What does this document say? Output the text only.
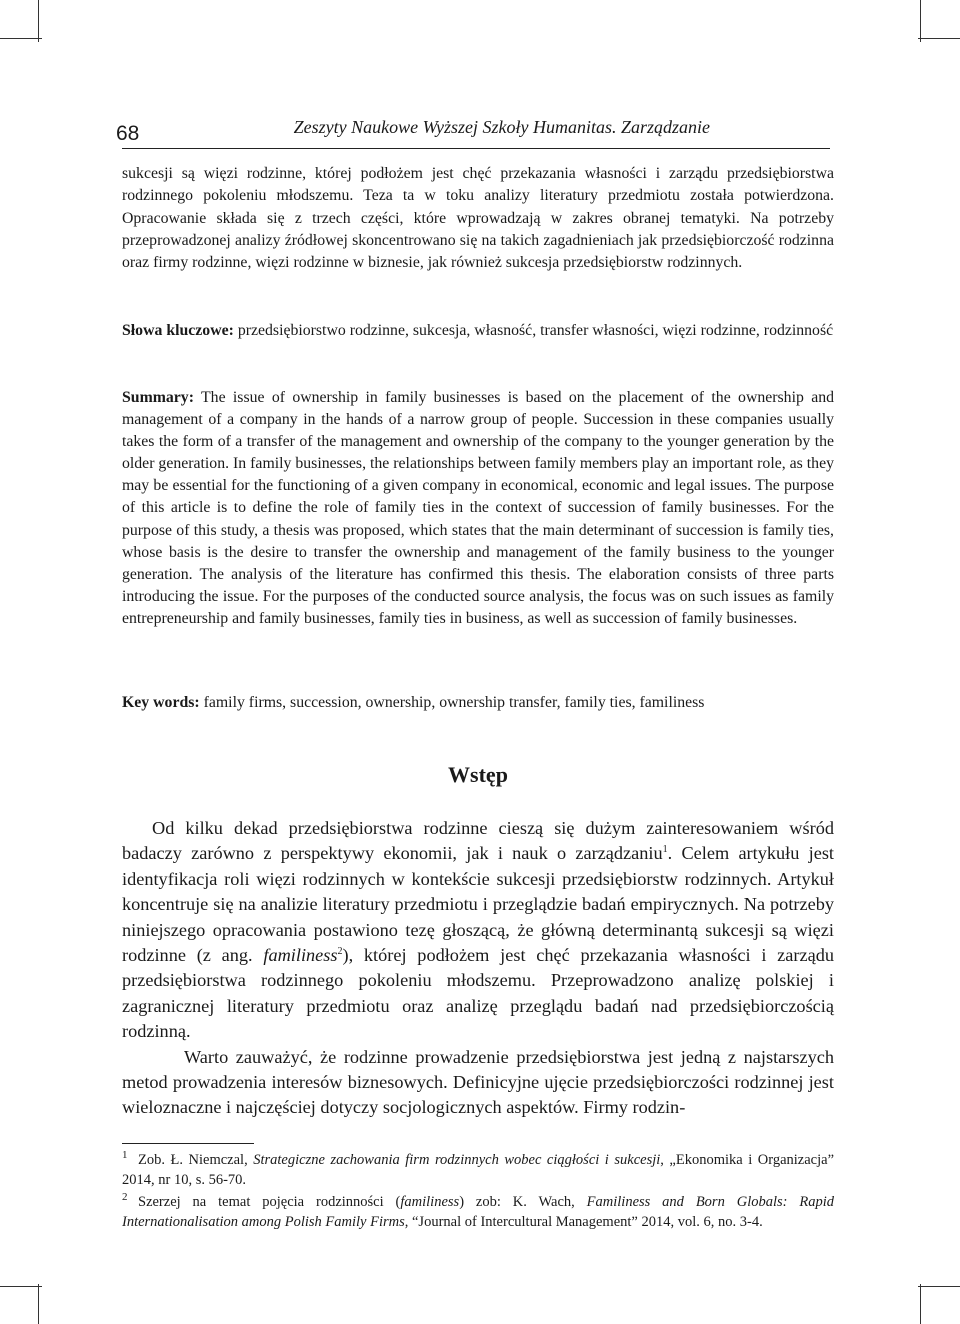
68	Zeszyty Naukowe Wyższej Szkoły Humanitas. Zarządzanie
sukcesji są więzi rodzinne, której podłożem jest chęć przekazania własności i zarządu przedsiębiorstwa rodzinnego pokoleniu młodszemu. Teza ta w toku analizy literatury przedmiotu została potwierdzona. Opracowanie składa się z trzech części, które wprowadzają w zakres obranej tematyki. Na potrzeby przeprowadzonej analizy źródłowej skoncentrowano się na takich zagadnieniach jak przedsiębiorczość rodzinna oraz firmy rodzinne, więzi rodzinne w biznesie, jak również sukcesja przedsiębiorstw rodzinnych.
Słowa kluczowe: przedsiębiorstwo rodzinne, sukcesja, własność, transfer własności, więzi rodzinne, rodzinność
Summary: The issue of ownership in family businesses is based on the placement of the ownership and management of a company in the hands of a narrow group of people. Succession in these companies usually takes the form of a transfer of the management and ownership of the company to the younger generation by the older generation. In family businesses, the relationships between family members play an important role, as they may be essential for the functioning of a given company in economical, economic and legal issues. The purpose of this article is to define the role of family ties in the context of succession of family businesses. For the purpose of this study, a thesis was proposed, which states that the main determinant of succession is family ties, whose basis is the desire to transfer the ownership and management of the family business to the younger generation. The analysis of the literature has confirmed this thesis. The elaboration consists of three parts introducing the issue. For the purposes of the conducted source analysis, the focus was on such issues as family entrepreneurship and family businesses, family ties in business, as well as succession of family businesses.
Key words: family firms, succession, ownership, ownership transfer, family ties, familiness
Wstęp

Od kilku dekad przedsiębiorstwa rodzinne cieszą się dużym zainteresowaniem wśród badaczy zarówno z perspektywy ekonomii, jak i nauk o zarządzaniu$^1$. Celem artykułu jest identyfikacja roli więzi rodzinnych w kontekście sukcesji przedsiębiorstw rodzinnych. Artykuł koncentruje się na analizie literatury przedmiotu i przeglądzie badań empirycznych. Na potrzeby niniejszego opracowania postawiono tezę głoszącą, że główną determinantą sukcesji są więzi rodzinne (z ang. familiness$^2$), której podłożem jest chęć przekazania własności i zarządu przedsiębiorstwa rodzinnego pokoleniu młodszemu. Przeprowadzono analizę polskiej i zagranicznej literatury przedmiotu oraz analizę przeglądu badań nad przedsiębiorczością rodzinną.

Warto zauważyć, że rodzinne prowadzenie przedsiębiorstwa jest jedną z najstarszych metod prowadzenia interesów biznesowych. Definicyjne ujęcie przedsiębiorczości rodzinnej jest wieloznaczne i najczęściej dotyczy socjologicznych aspektów. Firmy rodzin-

1 Zob. Ł. Niemczal, Strategiczne zachowania firm rodzinnych wobec ciągłości i sukcesji, „Ekonomika i Organizacja” 2014, nr 10, s. 56-70.

2 Szerzej na temat pojęcia rodzinności (familiness) zob: K. Wach, Familiness and Born Globals: Rapid Internationalisation among Polish Family Firms, “Journal of Intercultural Management” 2014, vol. 6, no. 3-4.
